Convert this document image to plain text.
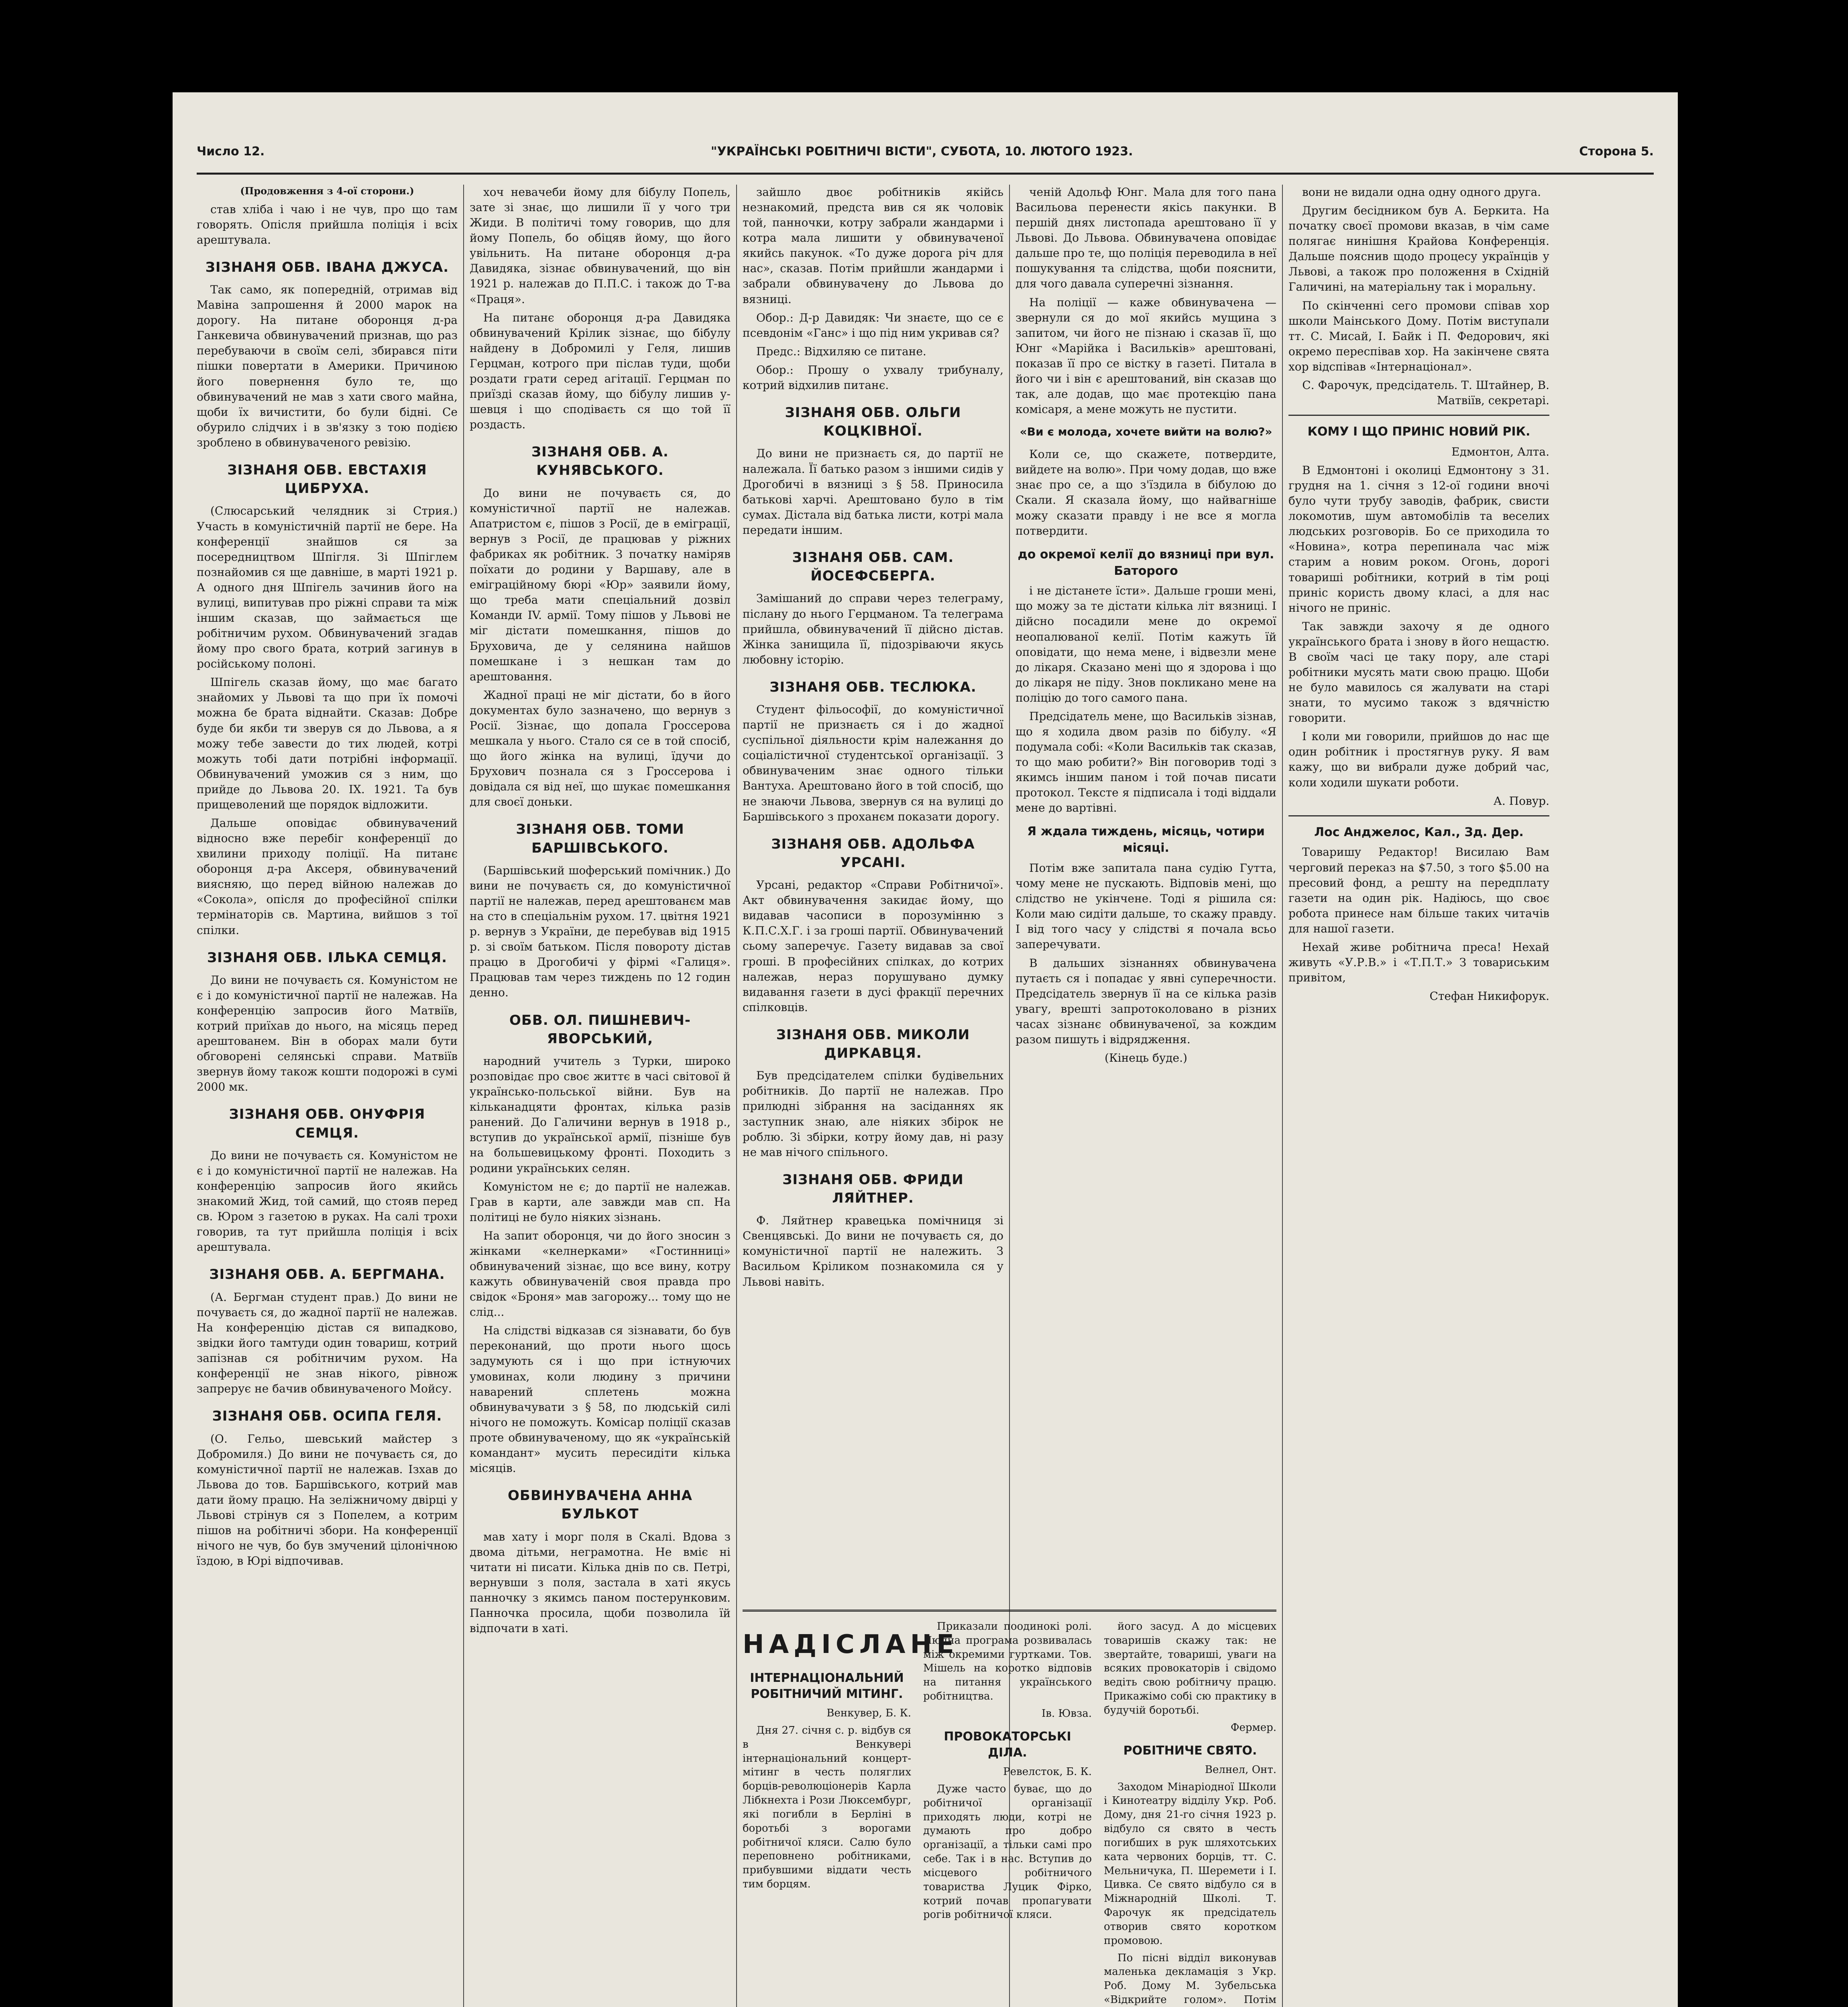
Число 12.	"УКРАЇНСЬКІ РОБІТНИЧІ ВІСТИ", СУБОТА, 10. ЛЮТОГО 1923.	Сторона 5.
(Продовження з 4-ої сторони.)

став хліба і чаю і не чув, про що там говорять. Опісля прийшла поліція і всіх арештувала.

ЗІЗНАНЯ ОБВ. ІВАНА ДЖУСА.

Так само, як попередній, отримав від Мавіна запрошення й 2000 марок на дорогу. На питане оборонця д-ра Ганкевича обвинувачений признав, що раз перебуваючи в своїм селі, збирався піти пішки повертати в Америки. Причиною його повернення було те, що обвинувачений не мав з хати свого майна, щоби їх вичистити, бо були бідні. Се обурило слідчих і в зв'язку з тою подією зроблено в обвинуваченого ревізію.

ЗІЗНАНЯ ОБВ. ЕВСТАХІЯ ЦИБРУХА.

(Слюсарський челядник зі Стрия.) Участь в комуністичній партії не бере. На конференції знайшов ся за посередництвом Шпігля. Зі Шпіглем познайомив ся ще давніше, в марті 1921 р. А одного дня Шпігель зачинив його на вулиці, випитував про ріжні справи та між іншим сказав, що займається ще робітничим рухом. Обвинувачений згадав йому про свого брата, котрий загинув в російському полоні.

Шпігель сказав йому, що має багато знайомих у Львові та що при їх помочі можна бе брата віднайти. Сказав: Добре буде би якби ти зверув ся до Львова, а я можу тебе завести до тих людей, котрі можуть тобі дати потрібні інформації. Обвинувачений уможив ся з ним, що прийде до Львова 20. IX. 1921. Та був прищеволений ще порядок відложити.

Дальше оповідає обвинувачений відносно вже перебіг конференції до хвилини приходу поліції. На питанє оборонця д-ра Аксеря, обвинувачений виясняю, що перед війною належав до «Сокола», опісля до професійної спілки термінаторів св. Мартина, вийшов з тої спілки.

ЗІЗНАНЯ ОБВ. ІЛЬКА СЕМЦЯ.

До вини не почуваєть ся. Комуністом не є і до комуністичної партії не належав. На конференцію запросив його Матвіїв, котрий приїхав до нього, на місяць перед арештованем. Він в оборах мали бути обговорені селянські справи. Матвіїв звернув йому також кошти подорожі в сумі 2000 мк.

ЗІЗНАНЯ ОБВ. ОНУФРІЯ СЕМЦЯ.

До вини не почуваєть ся. Комуністом не є і до комуністичної партії не належав. На конференцію запросив його якийсь знакомий Жид, той самий, що стояв перед св. Юром з газетою в руках. На салі трохи говорив, та тут прийшла поліція і всіх арештувала.

ЗІЗНАНЯ ОБВ. А. БЕРГМАНА.

(А. Бергман студент прав.) До вини не почуваєть ся, до жадної партії не належав. На конференцію дістав ся випадково, звідки його тамтуди один товариш, котрий запізнав ся робітничим рухом. На конференції не знав нікого, рівнож запрерує не бачив обвинуваченого Мойсу.

ЗІЗНАНЯ ОБВ. ОСИПА ГЕЛЯ.

(О. Гельо, шевський майстер з Добромиля.) До вини не почуваєть ся, до комуністичної партії не належав. Ізхав до Львова до тов. Баршівського, котрий мав дати йому працю. На зеліжничому двірці у Львові стрінув ся з Попелем, а котрим пішов на робітничі збори. На конференції нічого не чув, бо був змучений цілонічною їздою, в Юрі відпочивав.

хоч невачеби йому для бібулу Попель, зате зі знає, що лишили її у чого три Жиди. В політичі тому говорив, що для йому Попель, бо обіцяв йому, що його увільнить. На питане оборонця д-ра Давидяка, зізнає обвинувачений, що він 1921 р. належав до П.П.С. і також до Т-ва «Праця».

На питанє оборонця д-ра Давидяка обвинувачений Крілик зізнає, що бібулу найдену в Добромилі у Геля, лишив Герцман, котрого при післав туди, щоби роздати грати серед агітації. Герцман по приїзді сказав йому, що бібулу лишив у-шевця і що сподіваєть ся що той її роздасть.

ЗІЗНАНЯ ОБВ. А. КУНЯВСЬКОГО.

До вини не почуваєть ся, до комуністичної партії не належав. Апатристом є, пішов з Росії, де в еміграції, вернув з Росії, де працював у ріжних фабриках як робітник. З початку наміряв поїхати до родини у Варшаву, але в еміграційному бюрі «Юр» заявили йому, що треба мати спеціальний дозвіл Команди IV. армії. Тому пішов у Львові не міг дістати помешкання, пішов до Бруховича, де у селянина найшов помешкане і з нешкан там до арештовання.

Жадної праці не міг дістати, бо в його документах було зазначено, що вернув з Росії. Зізнає, що допала Гроссерова мешкала у нього. Стало ся се в той спосіб, що його жінка на вулиці, їдучи до Брухович познала ся з Гроссерова і довідала ся від неї, що шукає помешкання для своєї доньки.

ЗІЗНАНЯ ОБВ. ТОМИ БАРШІВСЬКОГО.

(Баршівський шоферський помічник.) До вини не почуваєть ся, до комуністичної партії не належав, перед арештованєм мав на сто в спеціальнім рухом. 17. цвітня 1921 р. вернув з України, де перебував від 1915 р. зі своїм батьком. Після повороту дістав працю в Дрогобичі у фірмі «Галиця». Працював там через тиждень по 12 годин денно.

ОБВ. ОЛ. ПИШНЕВИЧ-ЯВОРСЬКИЙ,

народний учитель з Турки, широко розповідає про своє життє в часі світової й українсько-польської війни. Був на кільканадцяти фронтах, кілька разів ранений. До Галичини вернув в 1918 р., вступив до української армії, пізніше був на большевицькому фронті. Походить з родини українських селян.

Комуністом не є; до партії не належав. Грав в карти, але завжди мав сп. На політиці не було ніяких зізнань.

На запит оборонця, чи до його зносин з жінками «келнерками» «Гостинниці» обвинувачений зізнає, що все вину, котру кажуть обвинуваченій своя правда про свідок «Броня» мав загорожу... тому що не слід...

На слідстві відказав ся зізнавати, бо був переконаний, що проти нього щось задумують ся і що при істнуючих умовинах, коли людину з причини наварений сплетень можна обвинувачувати з § 58, по людській силі нічого не поможуть. Комісар поліції сказав проте обвинуваченому, що як «українській командант» мусить пересидіти кілька місяців.

ОБВИНУВАЧЕНА АННА БУЛЬКОТ

мав хату і морг поля в Скалі. Вдова з двома дітьми, неграмотна. Не вміє ні читати ні писати. Кілька днів по св. Петрі, вернувши з поля, застала в хаті якусь панночку з якимсь паном постерунковим. Панночка просила, щоби позволила їй відпочати в хаті.

зайшло двоє робітників якійсь незнакомий, предста вив ся як чоловік той, панночки, котру забрали жандарми і котра мала лишити у обвинуваченої якийсь пакунок. «То дуже дорога річ для нас», сказав. Потім прийшли жандарми і забрали обвинувачену до Львова до вязниці.

Обор.: Д-р Давидяк: Чи знаєте, що се є псевдонім «Ганс» і що під ним укривав ся?

Предс.: Відхиляю се питане.

Обор.: Прошу о ухвалу трибуналу, котрий відхилив питанє.

ЗІЗНАНЯ ОБВ. ОЛЬГИ КОЦКІВНОЇ.

До вини не признаєть ся, до партії не належала. Її батько разом з іншими сидів у Дрогобичі в вязниці з § 58. Приносила батькові харчі. Арештовано було в тім сумах. Дістала від батька листи, котрі мала передати іншим.

ЗІЗНАНЯ ОБВ. САМ. ЙОСЕФСБЕРГА.

Замішаний до справи через телеграму, післану до нього Герцманом. Та телеграма прийшла, обвинувачений її дійсно дістав. Жінка занищила її, підозріваючи якусь любовну історію.

ЗІЗНАНЯ ОБВ. ТЕСЛЮКА.

Студент фільософії, до комуністичної партії не признаєть ся і до жадної суспільної діяльности крім належання до соціалістичної студентської організації. З обвинуваченим знає одного тільки Вантуха. Арештовано його в той спосіб, що не знаючи Львова, звернув ся на вулиці до Баршівського з проханєм показати дорогу.

ЗІЗНАНЯ ОБВ. АДОЛЬФА УРСАНІ.

Урсані, редактор «Справи Робітничої». Акт обвинувачення закидає йому, що видавав часописи в порозумінню з К.П.С.Х.Г. і за гроші партії. Обвинувачений сьому заперечує. Газету видавав за свої гроші. В професійних спілках, до котрих належав, нераз порушувано думку видавання газети в дусі фракції перечних спілковців.

ЗІЗНАНЯ ОБВ. МИКОЛИ ДИРКАВЦЯ.

Був предсідателем спілки будівельних робітників. До партії не належав. Про прилюдні зібрання на засіданнях як заступник знаю, але ніяких збірок не роблю. Зі збірки, котру йому дав, ні разу не мав нічого спільного.

ЗІЗНАНЯ ОБВ. ФРИДИ ЛЯЙТНЕР.

Ф. Ляйтнер кравецька помічниця зі Свенцявські. До вини не почуваєть ся, до комуністичної партії не належить. З Васильом Кріликом познакомила ся у Львові навіть.

ченій Адольф Юнг. Мала для того пана Васильова перенести якісь пакунки. В першій днях листопада арештовано її у Львові. До Львова. Обвинувачена оповідає дальше про те, що поліція переводила в неї пошукування та слідства, щоби пояснити, для чого давала суперечні зізнання.

На поліції — каже обвинувачена — звернули ся до мої якийсь мущина з запитом, чи його не пізнаю і сказав її, що Юнг «Марійка і Васильків» арештовані, показав її про се вістку в газеті. Питала в його чи і він є арештований, він сказав що так, але додав, що має протекцію пана комісаря, а мене можуть не пустити.

«Ви є молода, хочете вийти на волю?»

Коли се, що скажете, потвердите, вийдете на волю». При чому додав, що вже знає про се, а що з'їздила в бібулою до Скали. Я сказала йому, що найвагніше можу сказати правду і не все я могла потвердити.

до окремої келії до вязниці при вул. Баторого

і не дістанете їсти». Дальше гроши мені, що можу за те дістати кілька літ вязниці. І дійсно посадили мене до окремої неопалюваної келії. Потім кажуть їй оповідати, що нема мене, і відвезли мене до лікаря. Сказано мені що я здорова і що до лікаря не піду. Знов покликано мене на поліцію до того самого пана.

Предсідатель мене, що Васильків зізнав, що я ходила двом разів по бібулу. «Я подумала собі: «Коли Васильків так сказав, то що маю робити?» Він поговорив тоді з якимсь іншим паном і той почав писати протокол. Тексте я підписала і тоді віддали мене до вартівні.

Я ждала тиждень, місяць, чотири місяці.

Потім вже запитала пана судію Гутта, чому мене не пускають. Відповів мені, що слідство не укінчене. Тоді я рішила ся: Коли маю сидіти дальше, то скажу правду. І від того часу у слідстві я почала всьо заперечувати.

В дальших зізнаннях обвинувачена путаєть ся і попадає у явні суперечности. Предсідатель звернув її на се кілька разів увагу, врешті запротоколовано в різних часах зізнанє обвинуваченої, за кождим разом пишуть і відрядження.

(Кінець буде.)

вони не видали одна одну одного друга.

Другим бесідником був А. Беркита. На початку своєї промови вказав, в чім саме полягає нинішня Крайова Конференція. Дальше пояснив щодо процесу українців у Львові, а також про положення в Східній Галичині, на матеріальну так і моральну.

По скінченні сего промови співав хор школи Маінського Дому. Потім виступали тт. С. Мисай, І. Байк і П. Федорович, які окремо переспівав хор. На закінчене свята хор відспівав «Інтернаціонал».

С. Фарочук, предсідатель. Т. Штайнер, В. Матвіїв, секретарі.

КОМУ І ЩО ПРИНІС НОВИЙ РІК.

Едмонтон, Алта.

В Едмонтоні і околиці Едмонтону з 31. грудня на 1. січня з 12-ої години вночі було чути трубу заводів, фабрик, свисти локомотив, шум автомобілів та веселих людських розговорів. Бо се приходила то «Новина», котра перепинала час між старим а новим роком. Огонь, дорогі товариші робітники, котрий в тім році приніс користь двому класі, а для нас нічого не приніс.

Так завжди захочу я де одного українського брата і знову в його нещастю. В своїм часі це таку пору, але старі робітники мусять мати свою працю. Щоби не було мавилось ся жалувати на старі знати, то мусимо також з вдячністю говорити.

І коли ми говорили, прийшов до нас ще один робітник і простягнув руку. Я вам кажу, що ви вибрали дуже добрий час, коли ходили шукати роботи.

А. Повур.

Лос Анджелос, Кал., Зд. Дер.

Товаришу Редактор! Висилаю Вам черговий переказ на $7.50, з того $5.00 на пресовий фонд, а решту на передплату газети на один рік. Надіюсь, що своє робота принесе нам більше таких читачів для нашої газети.

Нехай живе робітнича преса! Нехай живуть «У.Р.В.» і «Т.П.Т.» З товариським привітом,

Стефан Никифорук.

НАДІСЛАНЕ
ІНТЕРНАЦІОНАЛЬНИЙ РОБІТНИЧИЙ МІТИНГ.

Венкувер, Б. К.

Дня 27. січня с. р. відбув ся в Венкувері інтернаціональний концерт-мітинг в честь поляглих борців-революціонерів Карла Лібкнехта і Рози Люксембург, які погибли в Берліні в боротьбі з ворогами робітничої кляси. Салю було переповнено робітниками, прибувшими віддати честь тим борцям.

Приказали поодинокі ролі. Людна програма розвивалась між окремими гуртками. Тов. Мішель на коротко відповів на питання українського робітництва.

Ів. Ювза.

ПРОВОКАТОРСЬКІ ДІЛА.

Ревелсток, Б. К.

Дуже часто буває, що до робітничої організації приходять люди, котрі не думають про добро організації, а тільки самі про себе. Так і в нас. Вступив до місцевого робітничого товариства Луцик Фірко, котрий почав пропагувати рогів робітничої кляси.

його засуд. А до місцевих товаришів скажу так: не звертайте, товариші, уваги на всяких провокаторів і свідомо ведіть свою робітничу працю. Прикажімо собі сю практику в будучій боротьбі.

Фермер.

РОБІТНИЧЕ СВЯТО.

Велнел, Онт.

Заходом Мінаріодної Школи і Кинотеатру відділу Укр. Роб. Дому, дня 21-го січня 1923 р. відбуло ся свято в честь погибших в рук шляхотських ката червоних борців, тт. С. Мельничука, П. Шеремети і І. Цивка. Се свято відбуло ся в Міжнародній Школі. Т. Фарочук як предсідатель отворив свято коротком промовою.

По пісні відділ виконував маленька декламація з Укр. Роб. Дому М. Зубельська «Відкрийте голом». Потім
